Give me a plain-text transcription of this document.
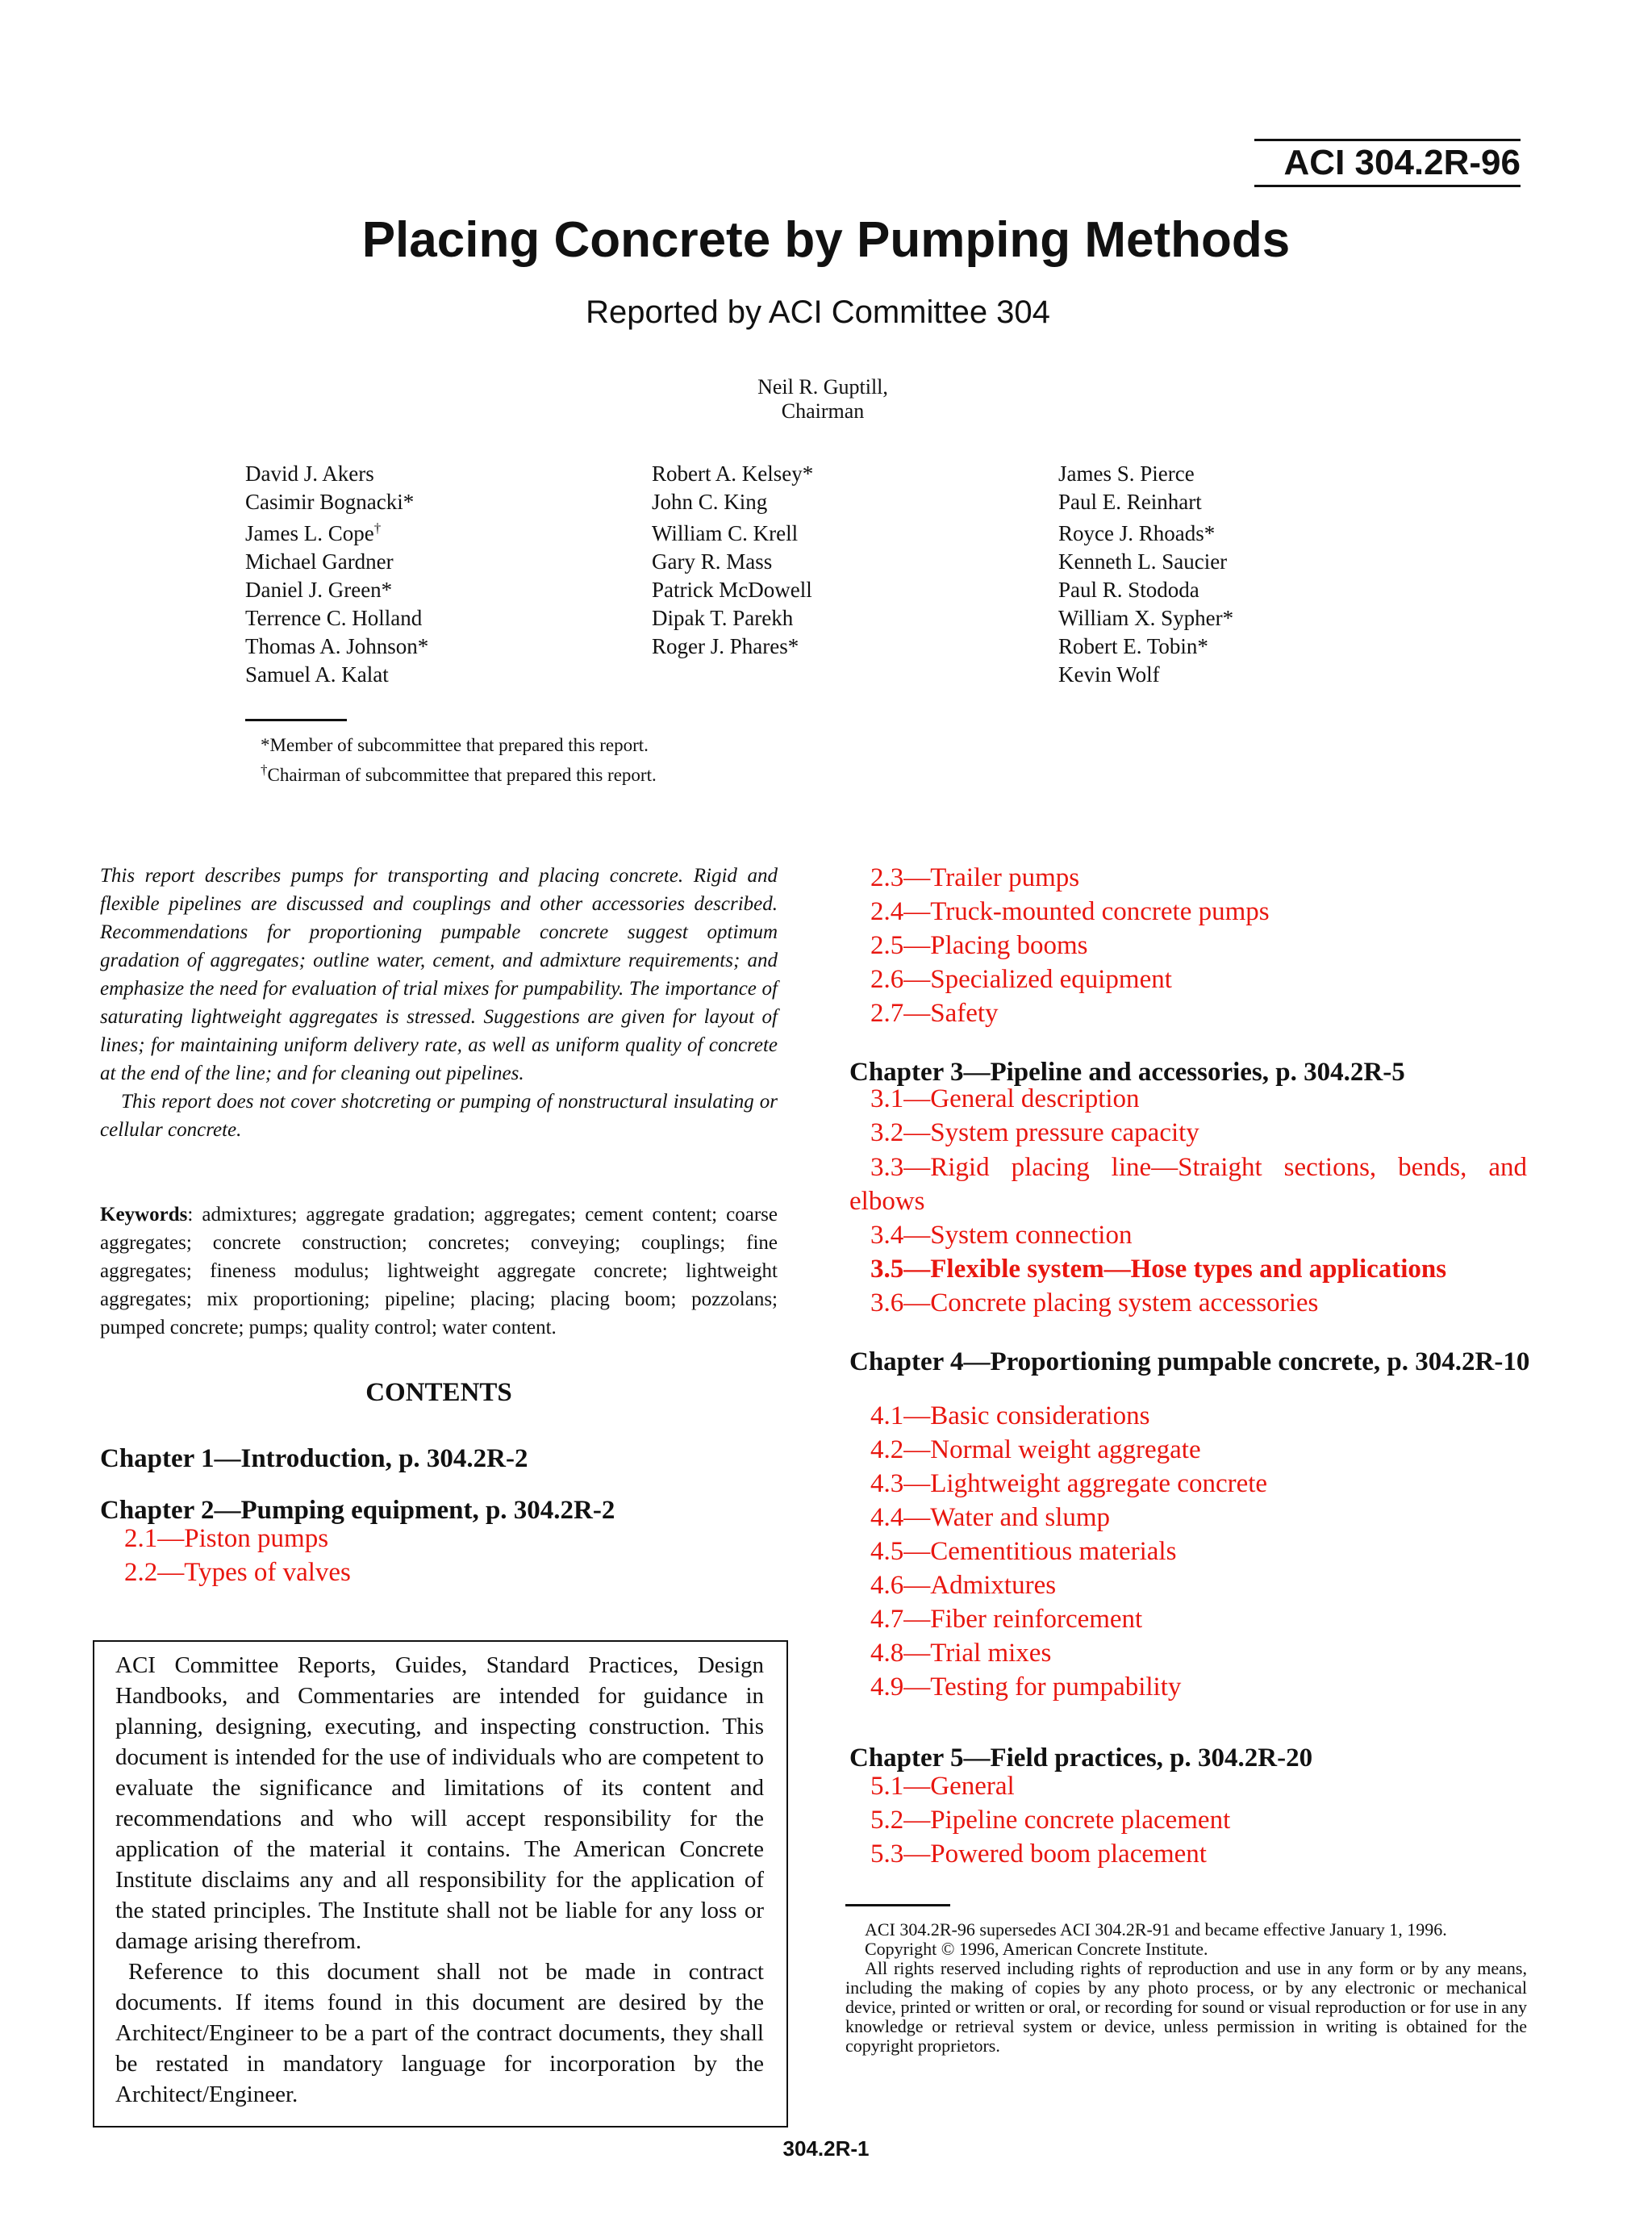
ACI 304.2R-96
Placing Concrete by Pumping Methods
Reported by ACI Committee 304
Neil R. Guptill,
Chairman
David J. Akers
Casimir Bognacki*
James L. Cope†
Michael Gardner
Daniel J. Green*
Terrence C. Holland
Thomas A. Johnson*
Samuel A. Kalat
Robert A. Kelsey*
John C. King
William C. Krell
Gary R. Mass
Patrick McDowell
Dipak T. Parekh
Roger J. Phares*
James S. Pierce
Paul E. Reinhart
Royce J. Rhoads*
Kenneth L. Saucier
Paul R. Stododa
William X. Sypher*
Robert E. Tobin*
Kevin Wolf
*Member of subcommittee that prepared this report.
†Chairman of subcommittee that prepared this report.

This report describes pumps for transporting and placing concrete. Rigid and flexible pipelines are discussed and couplings and other accessories described. Recommendations for proportioning pumpable concrete suggest optimum gradation of aggregates; outline water, cement, and admixture requirements; and emphasize the need for evaluation of trial mixes for pumpability. The importance of saturating lightweight aggregates is stressed. Suggestions are given for layout of lines; for maintaining uniform delivery rate, as well as uniform quality of concrete at the end of the line; and for cleaning out pipelines.

This report does not cover shotcreting or pumping of nonstructural insulating or cellular concrete.

Keywords: admixtures; aggregate gradation; aggregates; cement content; coarse aggregates; concrete construction; concretes; conveying; couplings; fine aggregates; fineness modulus; lightweight aggregate concrete; lightweight aggregates; mix proportioning; pipeline; placing; placing boom; pozzolans; pumped concrete; pumps; quality control; water content.
CONTENTS
Chapter 1—Introduction, p. 304.2R-2
Chapter 2—Pumping equipment, p. 304.2R-2
2.1—Piston pumps
2.2—Types of valves

ACI Committee Reports, Guides, Standard Practices, Design Handbooks, and Commentaries are intended for guidance in planning, designing, executing, and inspecting construction. This document is intended for the use of individuals who are competent to evaluate the significance and limitations of its content and recommendations and who will accept responsibility for the application of the material it contains. The American Concrete Institute disclaims any and all responsibility for the application of the stated principles. The Institute shall not be liable for any loss or damage arising therefrom.

Reference to this document shall not be made in contract documents. If items found in this document are desired by the Architect/Engineer to be a part of the contract documents, they shall be restated in mandatory language for incorporation by the Architect/Engineer.

2.3—Trailer pumps
2.4—Truck-mounted concrete pumps
2.5—Placing booms
2.6—Specialized equipment
2.7—Safety
Chapter 3—Pipeline and accessories, p. 304.2R-5
3.1—General description
3.2—System pressure capacity
3.3—Rigid placing line—Straight sections, bends, and elbows
3.4—System connection
3.5—Flexible system—Hose types and applications
3.6—Concrete placing system accessories
Chapter 4—Proportioning pumpable concrete, p. 304.2R-10
4.1—Basic considerations
4.2—Normal weight aggregate
4.3—Lightweight aggregate concrete
4.4—Water and slump
4.5—Cementitious materials
4.6—Admixtures
4.7—Fiber reinforcement
4.8—Trial mixes
4.9—Testing for pumpability
Chapter 5—Field practices, p. 304.2R-20
5.1—General
5.2—Pipeline concrete placement
5.3—Powered boom placement
ACI 304.2R-96 supersedes ACI 304.2R-91 and became effective January 1, 1996.
Copyright © 1996, American Concrete Institute.
All rights reserved including rights of reproduction and use in any form or by any means, including the making of copies by any photo process, or by any electronic or mechanical device, printed or written or oral, or recording for sound or visual reproduction or for use in any knowledge or retrieval system or device, unless permission in writing is obtained for the copyright proprietors.
304.2R-1
